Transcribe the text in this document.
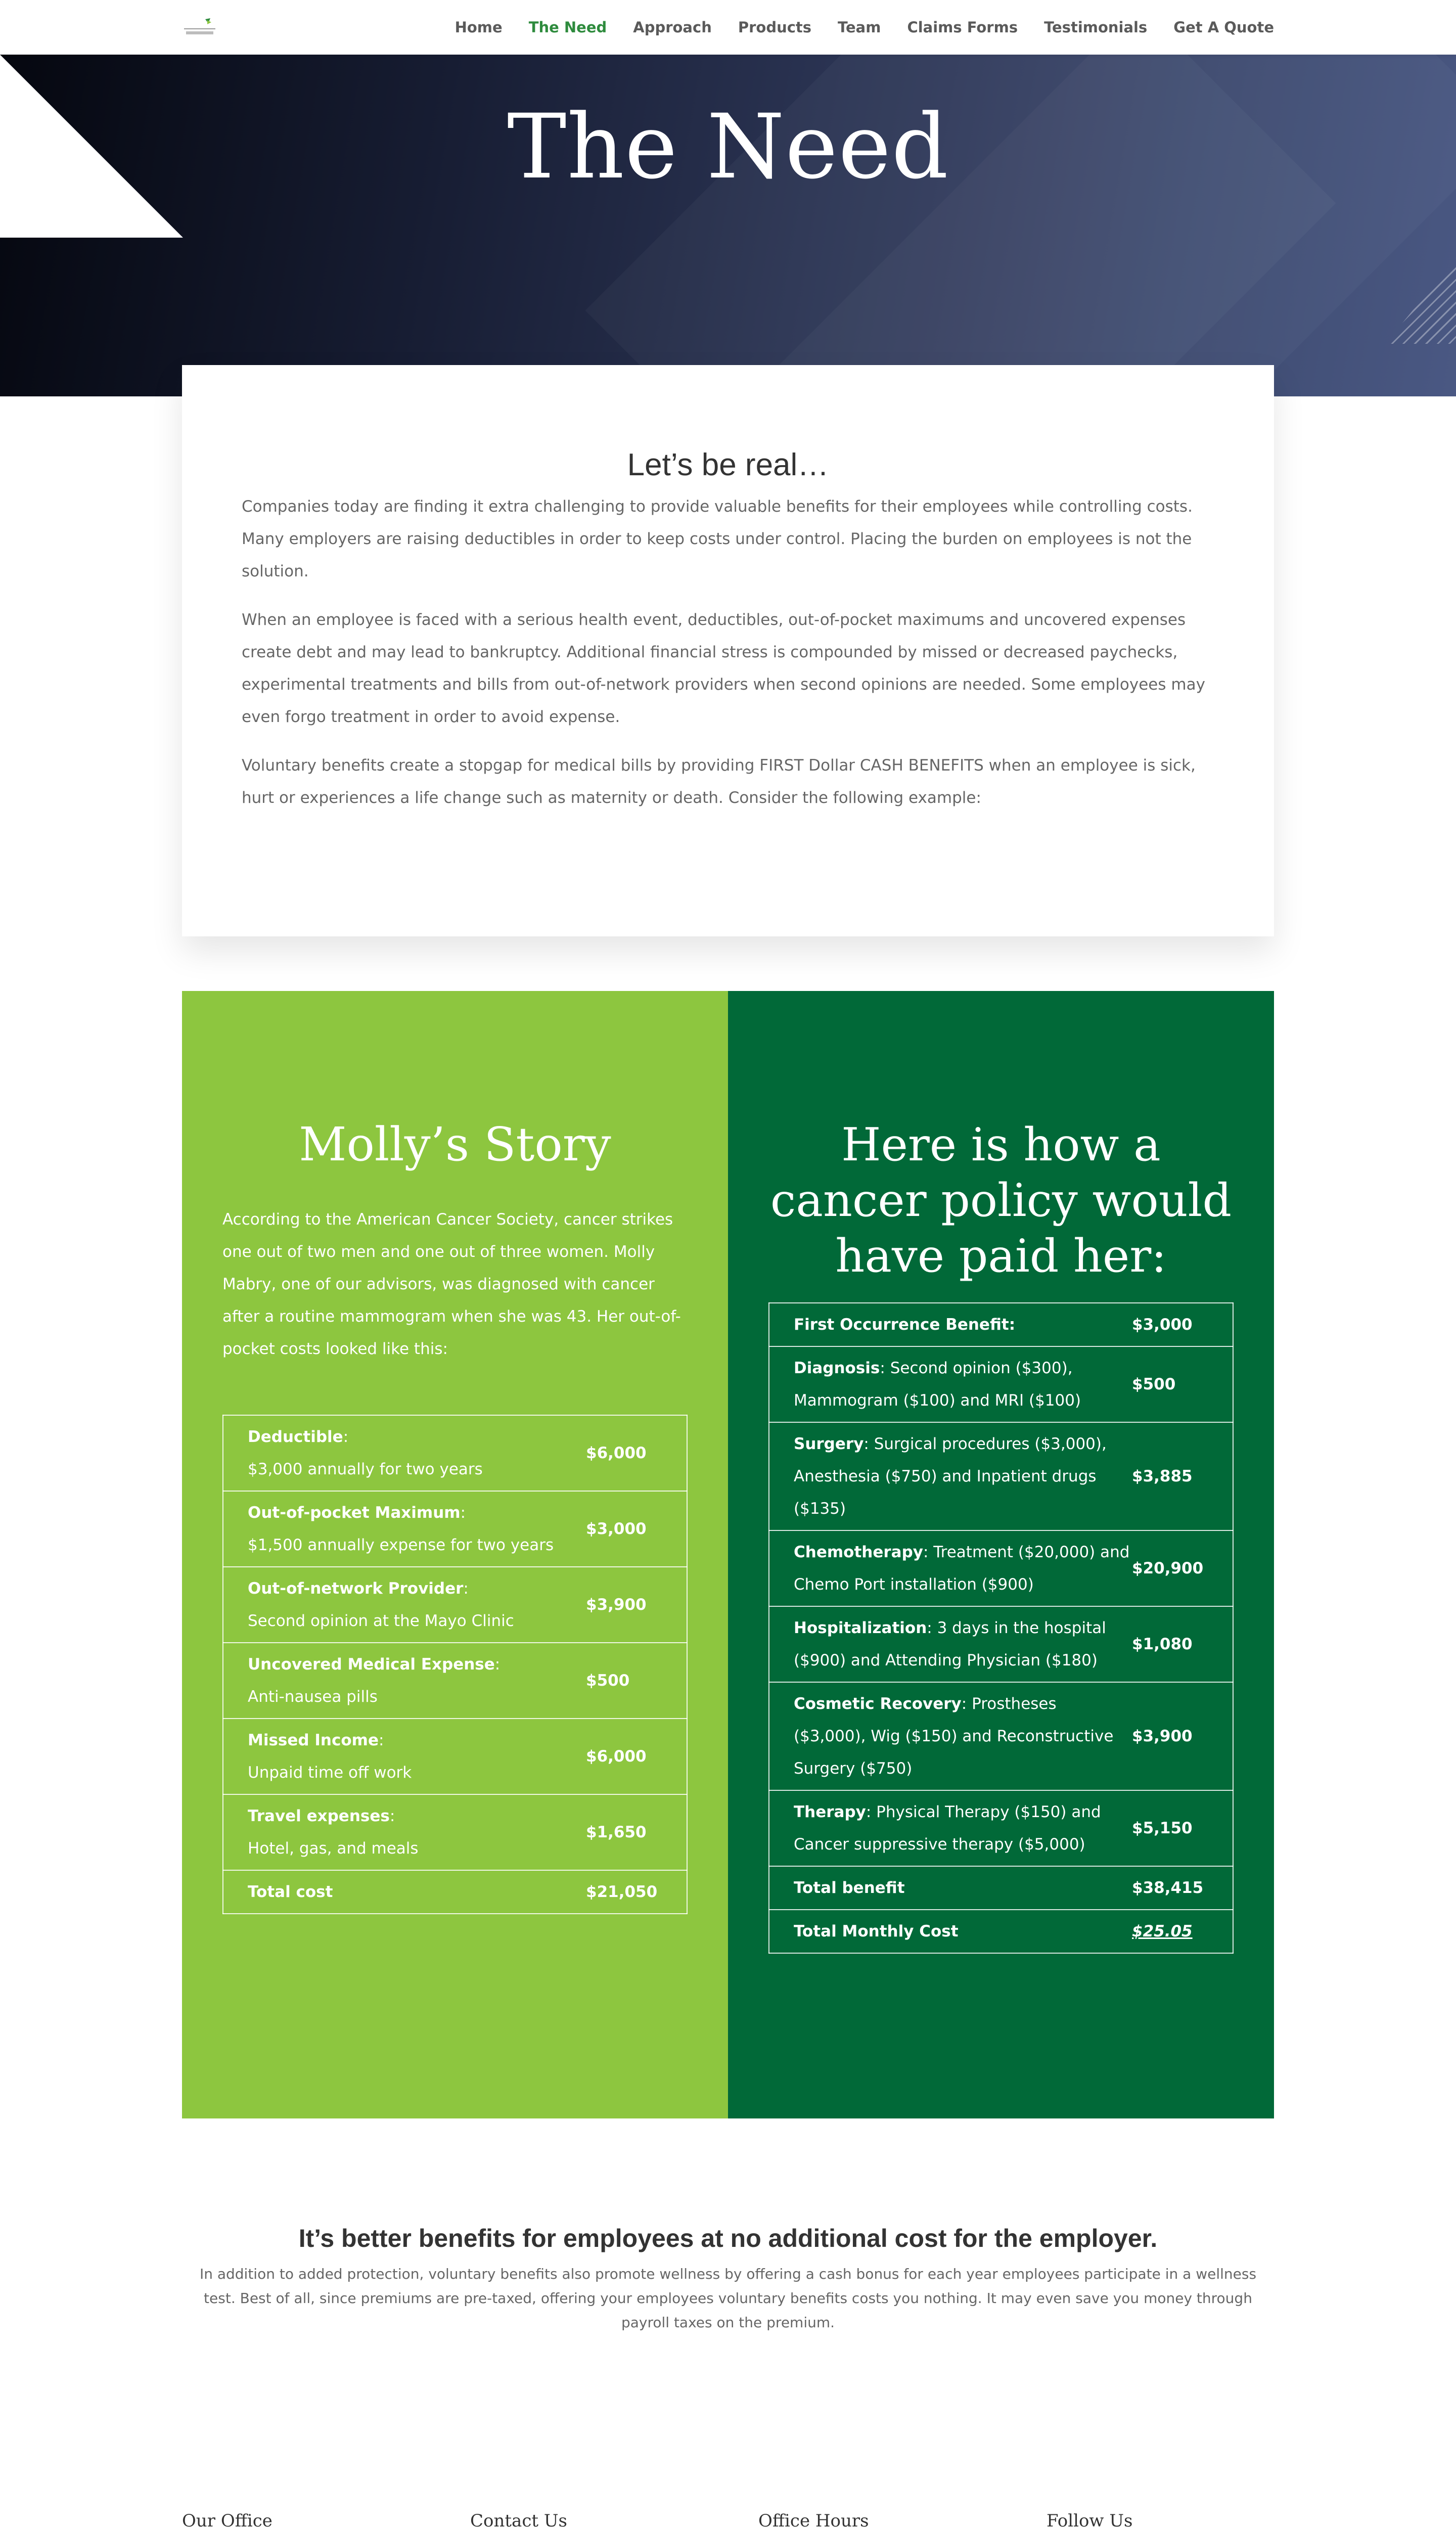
Home The Need Approach Products Team Claims Forms Testimonials Get A Quote
The Need
Let’s be real…

Companies today are finding it extra challenging to provide valuable benefits for their employees while controlling costs. Many employers are raising deductibles in order to keep costs under control. Placing the burden on employees is not the solution.

When an employee is faced with a serious health event, deductibles, out-of-pocket maximums and uncovered expenses create debt and may lead to bankruptcy. Additional financial stress is compounded by missed or decreased paychecks, experimental treatments and bills from out-of-network providers when second opinions are needed. Some employees may even forgo treatment in order to avoid expense.

Voluntary benefits create a stopgap for medical bills by providing FIRST Dollar CASH BENEFITS when an employee is sick, hurt or experiences a life change such as maternity or death. Consider the following example:

Molly’s Story

According to the American Cancer Society, cancer strikes one out of two men and one out of three women. Molly Mabry, one of our advisors, was diagnosed with cancer after a routine mammogram when she was 43. Her out-of-pocket costs looked like this:

Deductible:
$3,000 annually for two years	$6,000
Out-of-pocket Maximum:
$1,500 annually expense for two years	$3,000
Out-of-network Provider:
Second opinion at the Mayo Clinic	$3,900
Uncovered Medical Expense:
Anti-nausea pills	$500
Missed Income:
Unpaid time off work	$6,000
Travel expenses:
Hotel, gas, and meals	$1,650
Total cost	$21,050
Here is how a cancer policy would have paid her:
First Occurrence Benefit:	$3,000
Diagnosis: Second opinion ($300), Mammogram ($100) and MRI ($100)	$500
Surgery: Surgical procedures ($3,000), Anesthesia ($750) and Inpatient drugs ($135)	$3,885
Chemotherapy: Treatment ($20,000) and Chemo Port installation ($900)	$20,900
Hospitalization: 3 days in the hospital ($900) and Attending Physician ($180)	$1,080
Cosmetic Recovery: Prostheses ($3,000), Wig ($150) and Reconstructive Surgery ($750)	$3,900
Therapy: Physical Therapy ($150) and Cancer suppressive therapy ($5,000)	$5,150
Total benefit	$38,415
Total Monthly Cost	$25.05
It’s better benefits for employees at no additional cost for the employer.

In addition to added protection, voluntary benefits also promote wellness by offering a cash bonus for each year employees participate in a wellness test. Best of all, since premiums are pre-taxed, offering your employees voluntary benefits costs you nothing. It may even save you money through payroll taxes on the premium.

Our Office	Contact Us	Office Hours	Follow Us
